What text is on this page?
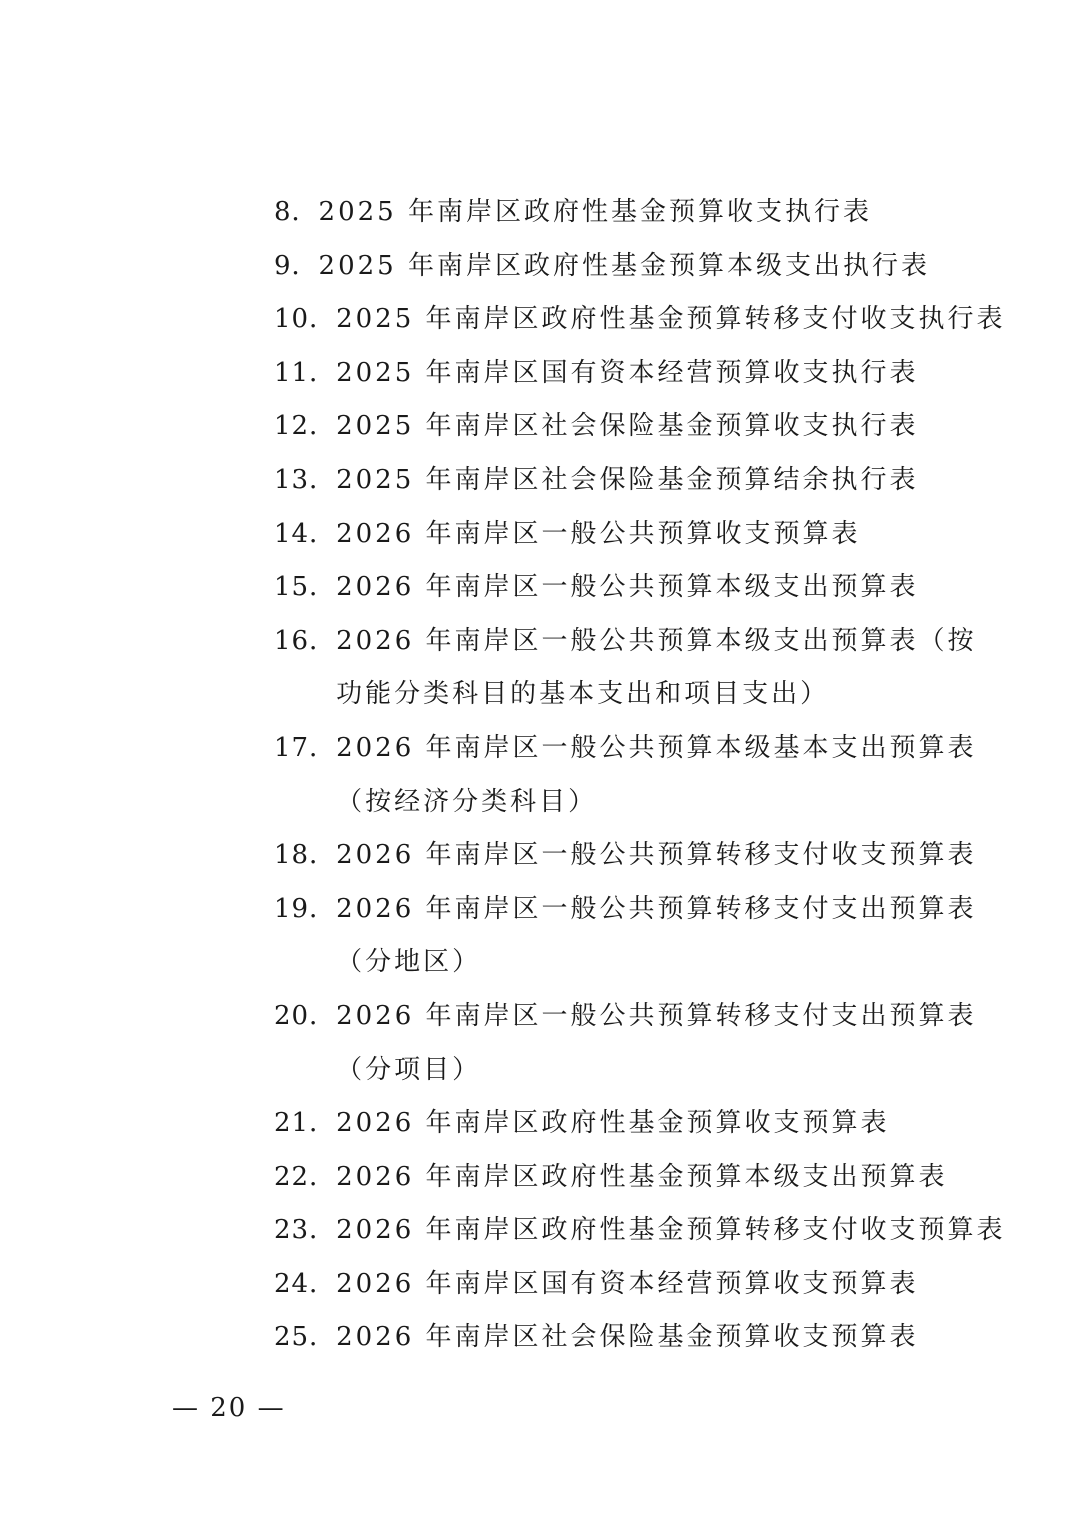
8． 2025 年南岸区政府性基金预算收支执行表
9． 2025 年南岸区政府性基金预算本级支出执行表
10． 2025 年南岸区政府性基金预算转移支付收支执行表
11． 2025 年南岸区国有资本经营预算收支执行表
12． 2025 年南岸区社会保险基金预算收支执行表
13． 2025 年南岸区社会保险基金预算结余执行表
14． 2026 年南岸区一般公共预算收支预算表
15． 2026 年南岸区一般公共预算本级支出预算表
16． 2026 年南岸区一般公共预算本级支出预算表（按
功能分类科目的基本支出和项目支出）
17． 2026 年南岸区一般公共预算本级基本支出预算表
（按经济分类科目）
18． 2026 年南岸区一般公共预算转移支付收支预算表
19． 2026 年南岸区一般公共预算转移支付支出预算表
（分地区）
20． 2026 年南岸区一般公共预算转移支付支出预算表
（分项目）
21． 2026 年南岸区政府性基金预算收支预算表
22． 2026 年南岸区政府性基金预算本级支出预算表
23． 2026 年南岸区政府性基金预算转移支付收支预算表
24． 2026 年南岸区国有资本经营预算收支预算表
25． 2026 年南岸区社会保险基金预算收支预算表
— 20 —
